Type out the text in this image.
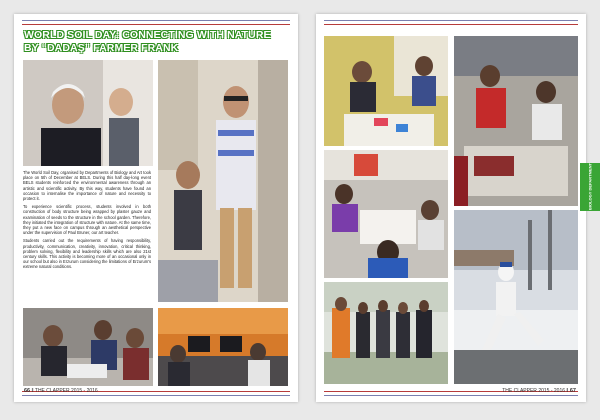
WORLD SOIL DAY: CONNECTING WITH NATURE BY “DADAŞ” FARMER FRANK

The World Soil Day, organised by Departments of Biology and Art took place on 5th of December at BELS. During this half day-long event BELS students reinforced the environmental awareness through an artistic and scientific activity. By this way, students have found an occasion to internalise the importance of nature and necessity to protect it.

To experience scientific process, students involved in both construction of body structure being wrapped by plaster gauze and examination of seeds to the structure in the school garden. Therefore, they initiated the integration of structure with nature. At the same time, they put a new face on campus through an aesthetical perspective under the supervision of Paul Bruner, our art teacher.

Students carried out the requirements of having responsibility, productivity, communication, creativity, innovation, critical thinking, problem solving, flexibility and leadership skills which are also 21st century skills. This activity is becoming more of an occasional only in our school but also in Erzurum considering the limitations of Erzurum's extreme natural conditions.

66 ǁ THE CLAPPER 2015 - 2016	THE CLAPPER 2015 - 2016 ǁ 67
BIOLOGY DEPARTMENT
